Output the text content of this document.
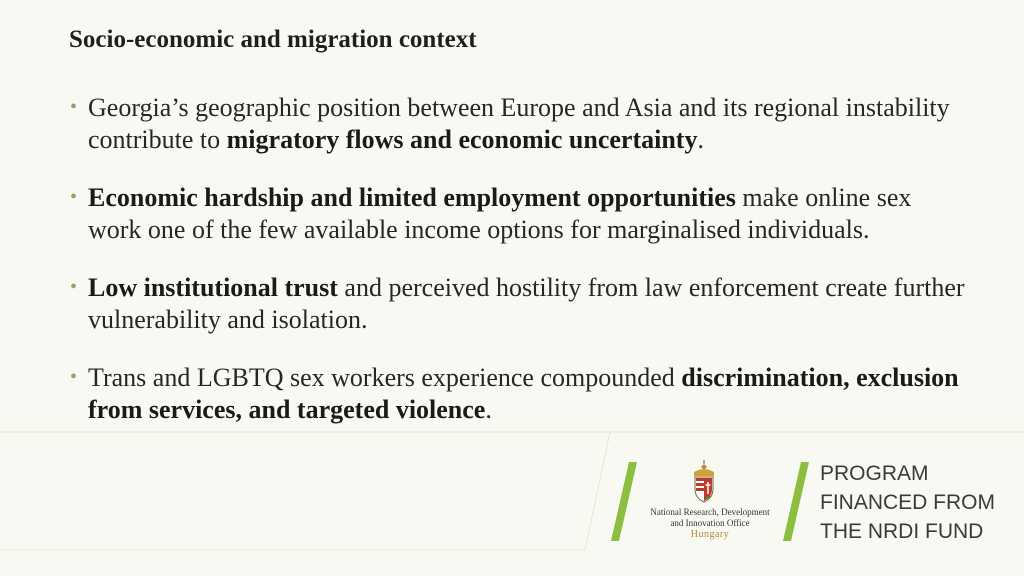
Socio-economic and migration context
• Georgia’s geographic position between Europe and Asia and its regional instability contribute to migratory flows and economic uncertainty.
• Economic hardship and limited employment opportunities make online sex work one of the few available income options for marginalised individuals.
• Low institutional trust and perceived hostility from law enforcement create further vulnerability and isolation.
• Trans and LGBTQ sex workers experience compounded discrimination, exclusion from services, and targeted violence.
National Research, Development
and Innovation Office
Hungary
PROGRAM
FINANCED FROM
THE NRDI FUND
